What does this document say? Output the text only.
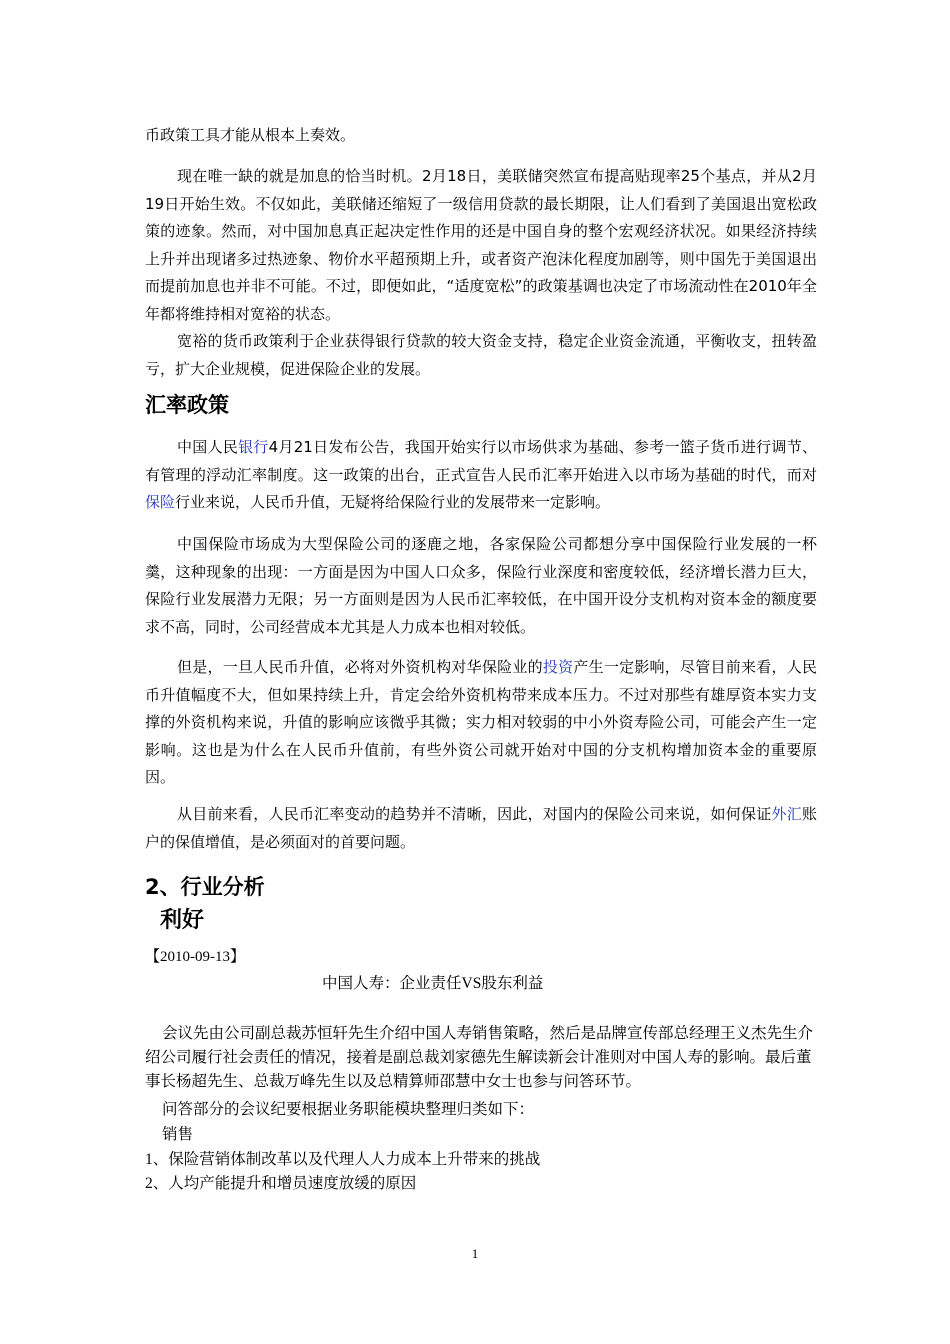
币政策工具才能从根本上奏效。

现在唯一缺的就是加息的恰当时机。2月18日，美联储突然宣布提高贴现率25个基点，并从2月19日开始生效。不仅如此，美联储还缩短了一级信用贷款的最长期限，让人们看到了美国退出宽松政策的迹象。然而，对中国加息真正起决定性作用的还是中国自身的整个宏观经济状况。如果经济持续上升并出现诸多过热迹象、物价水平超预期上升，或者资产泡沫化程度加剧等，则中国先于美国退出而提前加息也并非不可能。不过，即便如此，“适度宽松”的政策基调也决定了市场流动性在2010年全年都将维持相对宽裕的状态。

宽裕的货币政策利于企业获得银行贷款的较大资金支持，稳定企业资金流通，平衡收支，扭转盈亏，扩大企业规模，促进保险企业的发展。

汇率政策

中国人民银行4月21日发布公告，我国开始实行以市场供求为基础、参考一篮子货币进行调节、有管理的浮动汇率制度。这一政策的出台，正式宣告人民币汇率开始进入以市场为基础的时代，而对保险行业来说，人民币升值，无疑将给保险行业的发展带来一定影响。

中国保险市场成为大型保险公司的逐鹿之地，各家保险公司都想分享中国保险行业发展的一杯羹，这种现象的出现：一方面是因为中国人口众多，保险行业深度和密度较低，经济增长潜力巨大，保险行业发展潜力无限；另一方面则是因为人民币汇率较低，在中国开设分支机构对资本金的额度要求不高，同时，公司经营成本尤其是人力成本也相对较低。

但是，一旦人民币升值，必将对外资机构对华保险业的投资产生一定影响，尽管目前来看，人民币升值幅度不大，但如果持续上升，肯定会给外资机构带来成本压力。不过对那些有雄厚资本实力支撑的外资机构来说，升值的影响应该微乎其微；实力相对较弱的中小外资寿险公司，可能会产生一定影响。这也是为什么在人民币升值前，有些外资公司就开始对中国的分支机构增加资本金的重要原因。

从目前来看，人民币汇率变动的趋势并不清晰，因此，对国内的保险公司来说，如何保证外汇账户的保值增值，是必须面对的首要问题。

2、行业分析
利好
【2010-09-13】
中国人寿：企业责任VS股东利益

会议先由公司副总裁苏恒轩先生介绍中国人寿销售策略，然后是品牌宣传部总经理王义杰先生介绍公司履行社会责任的情况，接着是副总裁刘家德先生解读新会计准则对中国人寿的影响。最后董事长杨超先生、总裁万峰先生以及总精算师邵慧中女士也参与问答环节。

问答部分的会议纪要根据业务职能模块整理归类如下：

销售

1、保险营销体制改革以及代理人人力成本上升带来的挑战

2、人均产能提升和增员速度放缓的原因

1
